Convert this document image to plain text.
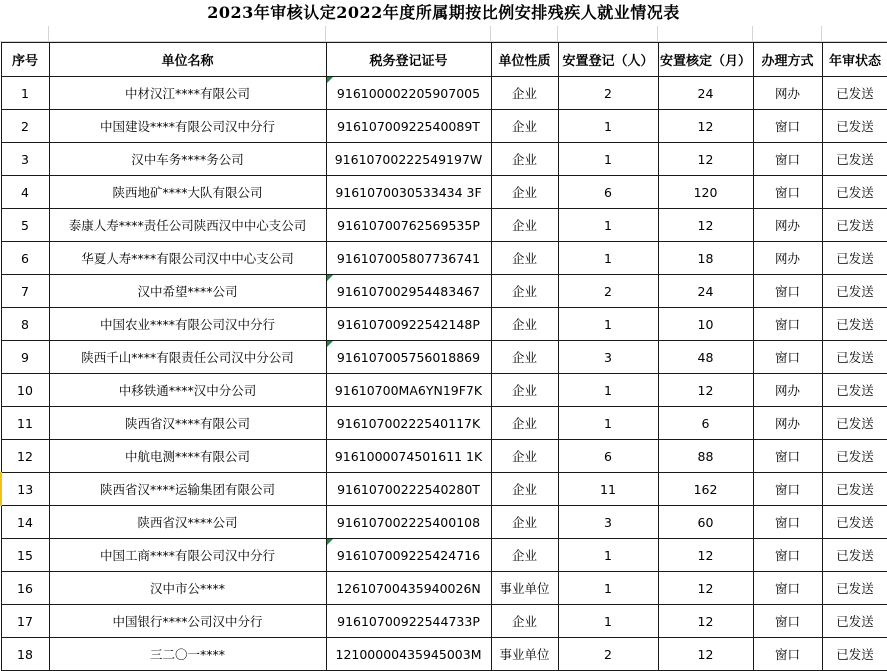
2023年审核认定2022年度所属期按比例安排残疾人就业情况表
序号	单位名称	税务登记证号	单位性质	安置登记（人）	安置核定（月）	办理方式	年审状态
1	中材汉江****有限公司	916100002205907005	企业	2	24	网办	已发送
2	中国建设****有限公司汉中分行	91610700922540089T	企业	1	12	窗口	已发送
3	汉中车务****务公司	91610700222549197W	企业	1	12	窗口	已发送
4	陕西地矿****大队有限公司	9161070030533434 3F	企业	6	120	窗口	已发送
5	泰康人寿****责任公司陕西汉中中心支公司	91610700762569535P	企业	1	12	网办	已发送
6	华夏人寿****有限公司汉中中心支公司	916107005807736741	企业	1	18	网办	已发送
7	汉中希望****公司	916107002954483467	企业	2	24	窗口	已发送
8	中国农业****有限公司汉中分行	91610700922542148P	企业	1	10	窗口	已发送
9	陕西千山****有限责任公司汉中分公司	916107005756018869	企业	3	48	窗口	已发送
10	中移铁通****汉中分公司	91610700MA6YN19F7K	企业	1	12	网办	已发送
11	陕西省汉****有限公司	91610700222540117K	企业	1	6	网办	已发送
12	中航电测****有限公司	9161000074501611 1K	企业	6	88	窗口	已发送
13	陕西省汉****运输集团有限公司	91610700222540280T	企业	11	162	窗口	已发送
14	陕西省汉****公司	916107002225400108	企业	3	60	窗口	已发送
15	中国工商****有限公司汉中分行	916107009225424716	企业	1	12	窗口	已发送
16	汉中市公****	12610700435940026N	事业单位	1	12	窗口	已发送
17	中国银行****公司汉中分行	91610700922544733P	企业	1	12	窗口	已发送
18	三二〇一****	12100000435945003M	事业单位	2	12	窗口	已发送
